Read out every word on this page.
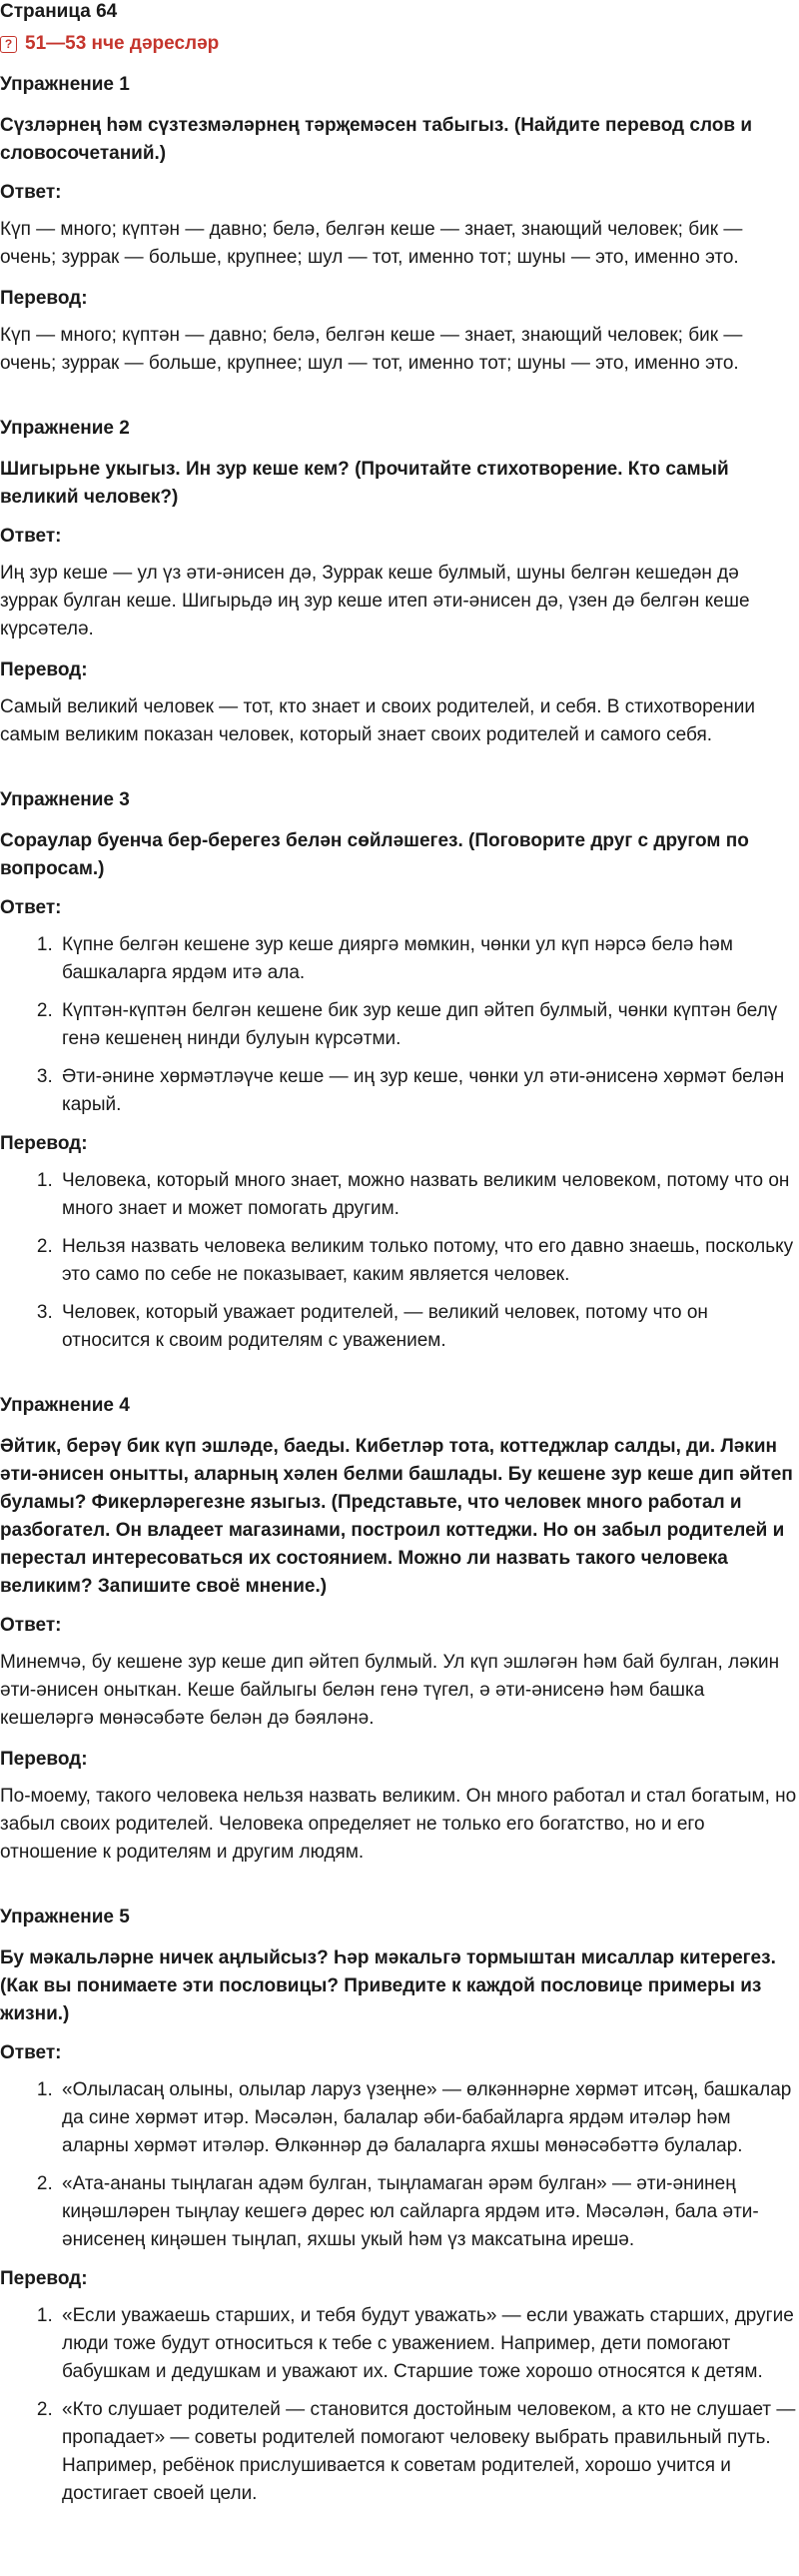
Страница 64
? 51—53 нче дәресләр
Упражнение 1

Сүзләрнең һәм сүзтезмәләрнең тәрҗемәсен табыгыз. (Найдите перевод слов и словосочетаний.)

Ответ:

Күп — много; күптән — давно; белә, белгән кеше — знает, знающий человек; бик — очень; зуррак — больше, крупнее; шул — тот, именно тот; шуны — это, именно это.

Перевод:

Күп — много; күптән — давно; белә, белгән кеше — знает, знающий человек; бик — очень; зуррак — больше, крупнее; шул — тот, именно тот; шуны — это, именно это.

Упражнение 2

Шигырьне укыгыз. Ин зур кеше кем? (Прочитайте стихотворение. Кто самый великий человек?)

Ответ:

Иң зур кеше — ул үз әти-әнисен дә, Зуррак кеше булмый, шуны белгән кешедән дә зуррак булган кеше. Шигырьдә иң зур кеше итеп әти-әнисен дә, үзен дә белгән кеше күрсәтелә.

Перевод:

Самый великий человек — тот, кто знает и своих родителей, и себя. В стихотворении самым великим показан человек, который знает своих родителей и самого себя.

Упражнение 3

Сораулар буенча бер-берегез белән сөйләшегез. (Поговорите друг с другом по вопросам.)

Ответ:
1. Күпне белгән кешене зур кеше дияргә мөмкин, чөнки ул күп нәрсә белә һәм башкаларга ярдәм итә ала.
2. Күптән-күптән белгән кешене бик зур кеше дип әйтеп булмый, чөнки күптән белү генә кешенең нинди булуын күрсәтми.
3. Әти-әнине хөрмәтләүче кеше — иң зур кеше, чөнки ул әти-әнисенә хөрмәт белән карый.
Перевод:
1. Человека, который много знает, можно назвать великим человеком, потому что он много знает и может помогать другим.
2. Нельзя назвать человека великим только потому, что его давно знаешь, поскольку это само по себе не показывает, каким является человек.
3. Человек, который уважает родителей, — великий человек, потому что он относится к своим родителям с уважением.
Упражнение 4

Әйтик, берәү бик күп эшләде, баеды. Кибетләр тота, коттеджлар салды, ди. Ләкин әти-әнисен онытты, аларның хәлен белми башлады. Бу кешене зур кеше дип әйтеп буламы? Фикерләрегезне языгыз. (Представьте, что человек много работал и разбогател. Он владеет магазинами, построил коттеджи. Но он забыл родителей и перестал интересоваться их состоянием. Можно ли назвать такого человека великим? Запишите своё мнение.)

Ответ:

Минемчә, бу кешене зур кеше дип әйтеп булмый. Ул күп эшләгән һәм бай булган, ләкин әти-әнисен оныткан. Кеше байлыгы белән генә түгел, ә әти-әнисенә һәм башка кешеләргә мөнәсәбәте белән дә бәяләнә.

Перевод:

По-моему, такого человека нельзя назвать великим. Он много работал и стал богатым, но забыл своих родителей. Человека определяет не только его богатство, но и его отношение к родителям и другим людям.

Упражнение 5

Бу мәкальләрне ничек аңлыйсыз? Һәр мәкальгә тормыштан мисаллар китерегез. (Как вы понимаете эти пословицы? Приведите к каждой пословице примеры из жизни.)

Ответ:
1. «Олыласаң олыны, олылар ларуз үзеңне» — өлкәннәрне хөрмәт итсәң, башкалар да сине хөрмәт итәр. Мәсәлән, балалар әби-бабайларга ярдәм итәләр һәм аларны хөрмәт итәләр. Өлкәннәр дә балаларга яхшы мөнәсәбәттә булалар.
2. «Ата-ананы тыңлаган адәм булган, тыңламаган әрәм булган» — әти-әнинең киңәшләрен тыңлау кешегә дөрес юл сайларга ярдәм итә. Мәсәлән, бала әти-әнисенең киңәшен тыңлап, яхшы укый һәм үз максатына ирешә.
Перевод:
1. «Если уважаешь старших, и тебя будут уважать» — если уважать старших, другие люди тоже будут относиться к тебе с уважением. Например, дети помогают бабушкам и дедушкам и уважают их. Старшие тоже хорошо относятся к детям.
2. «Кто слушает родителей — становится достойным человеком, а кто не слушает — пропадает» — советы родителей помогают человеку выбрать правильный путь. Например, ребёнок прислушивается к советам родителей, хорошо учится и достигает своей цели.
